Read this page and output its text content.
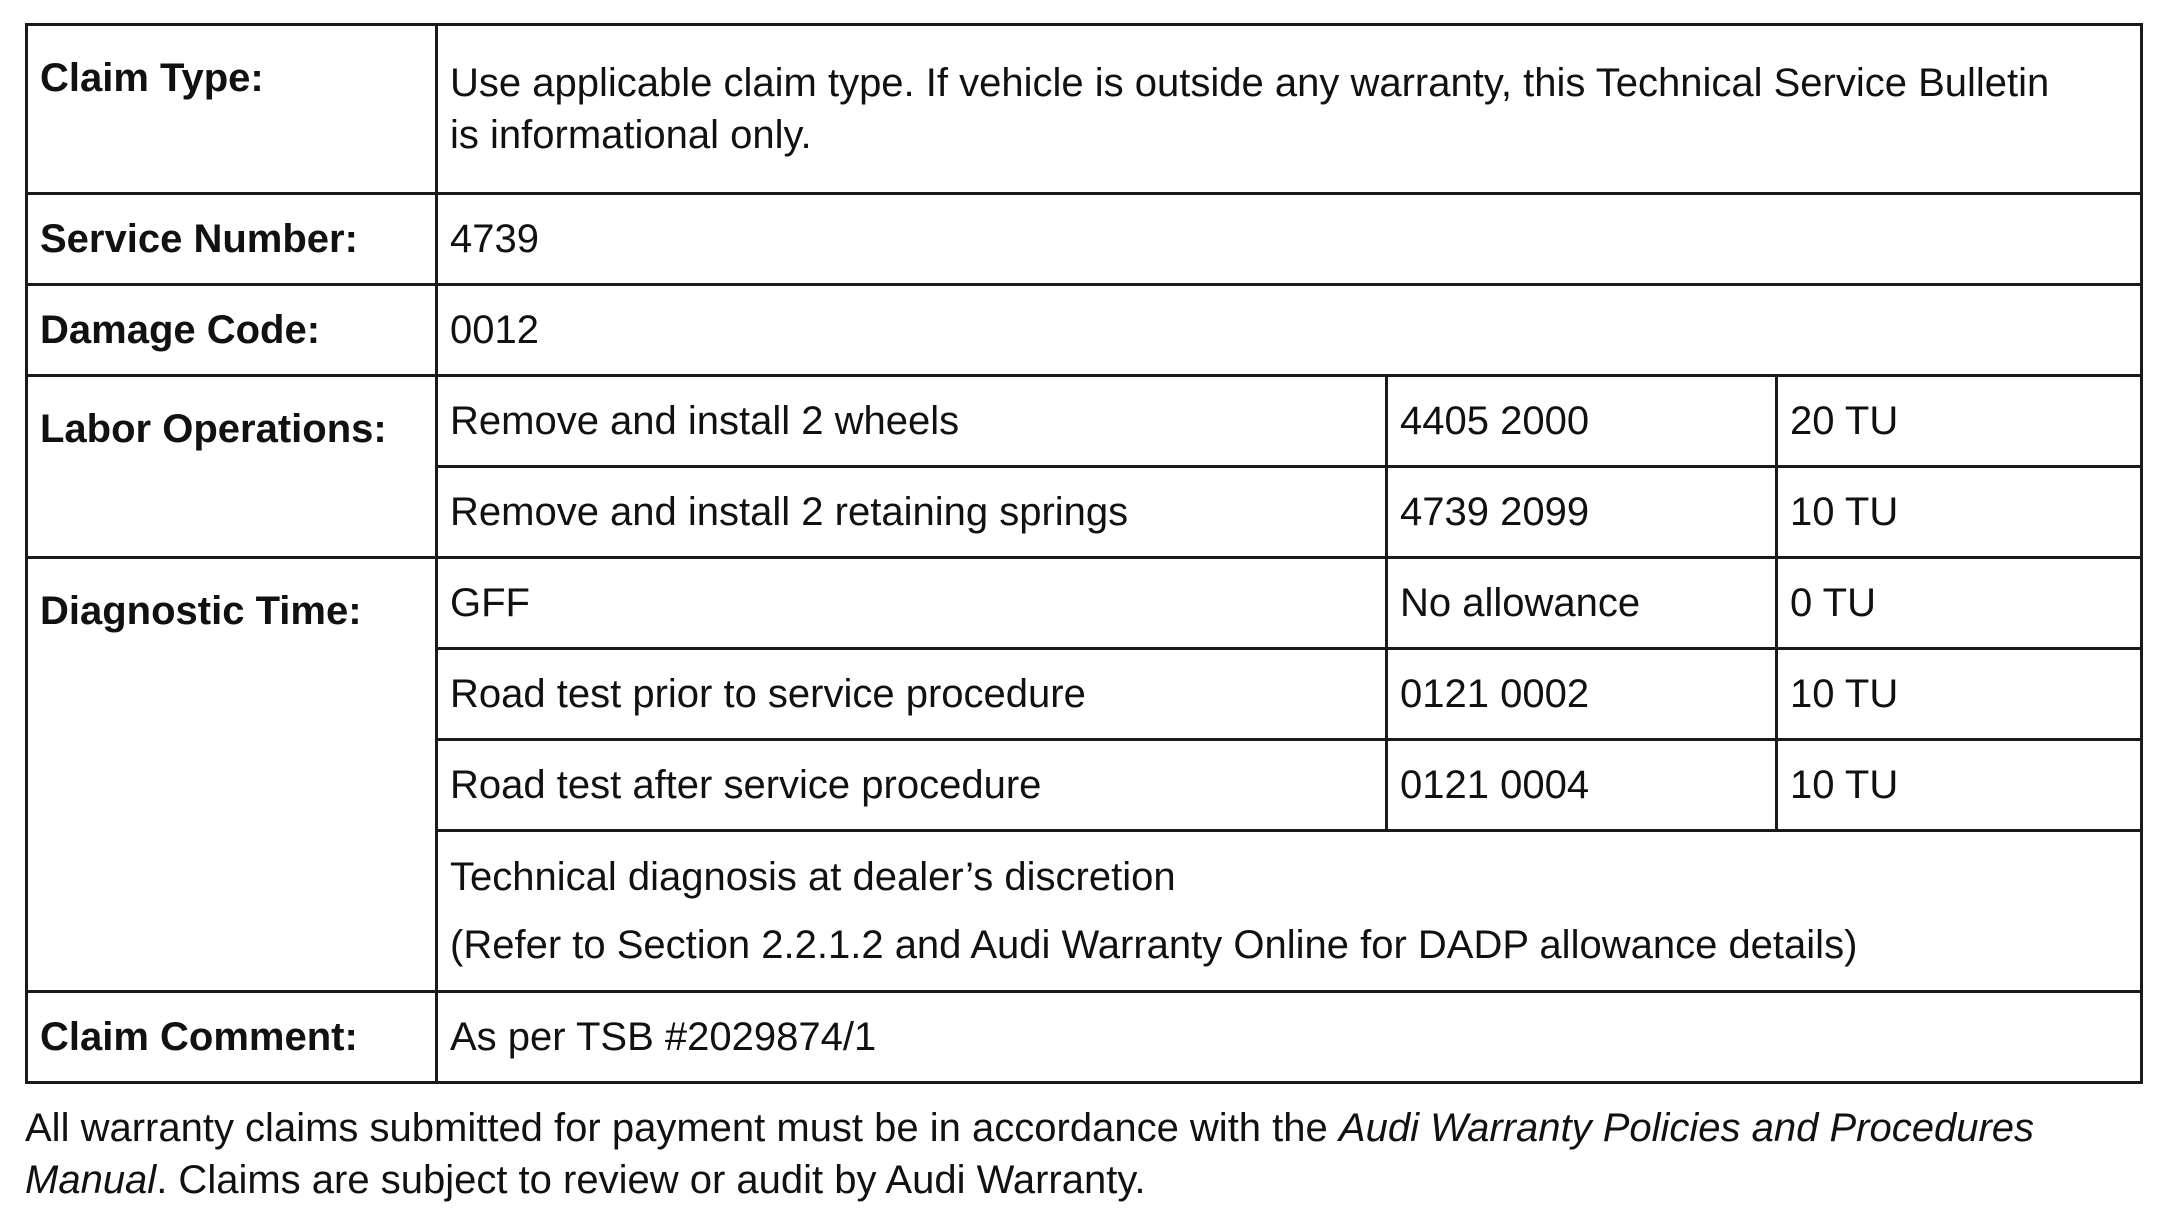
Claim Type:	Use applicable claim type. If vehicle is outside any warranty, this Technical Service Bulletin
is informational only.		

Service Number:	4739		
Damage Code:	0012		
Labor Operations:	Remove and install 2 wheels	4405 2000	20 TU
	Remove and install 2 retaining springs	4739 2099	10 TU
Diagnostic Time:	GFF	No allowance	0 TU
	Road test prior to service procedure	0121 0002	10 TU
	Road test after service procedure	0121 0004	10 TU

	Technical diagnosis at dealer’s discretion
(Refer to Section 2.2.1.2 and Audi Warranty Online for DADP allowance details)		

Claim Comment:	As per TSB #2029874/1		
All warranty claims submitted for payment must be in accordance with the Audi Warranty Policies and Procedures Manual. Claims are subject to review or audit by Audi Warranty.
